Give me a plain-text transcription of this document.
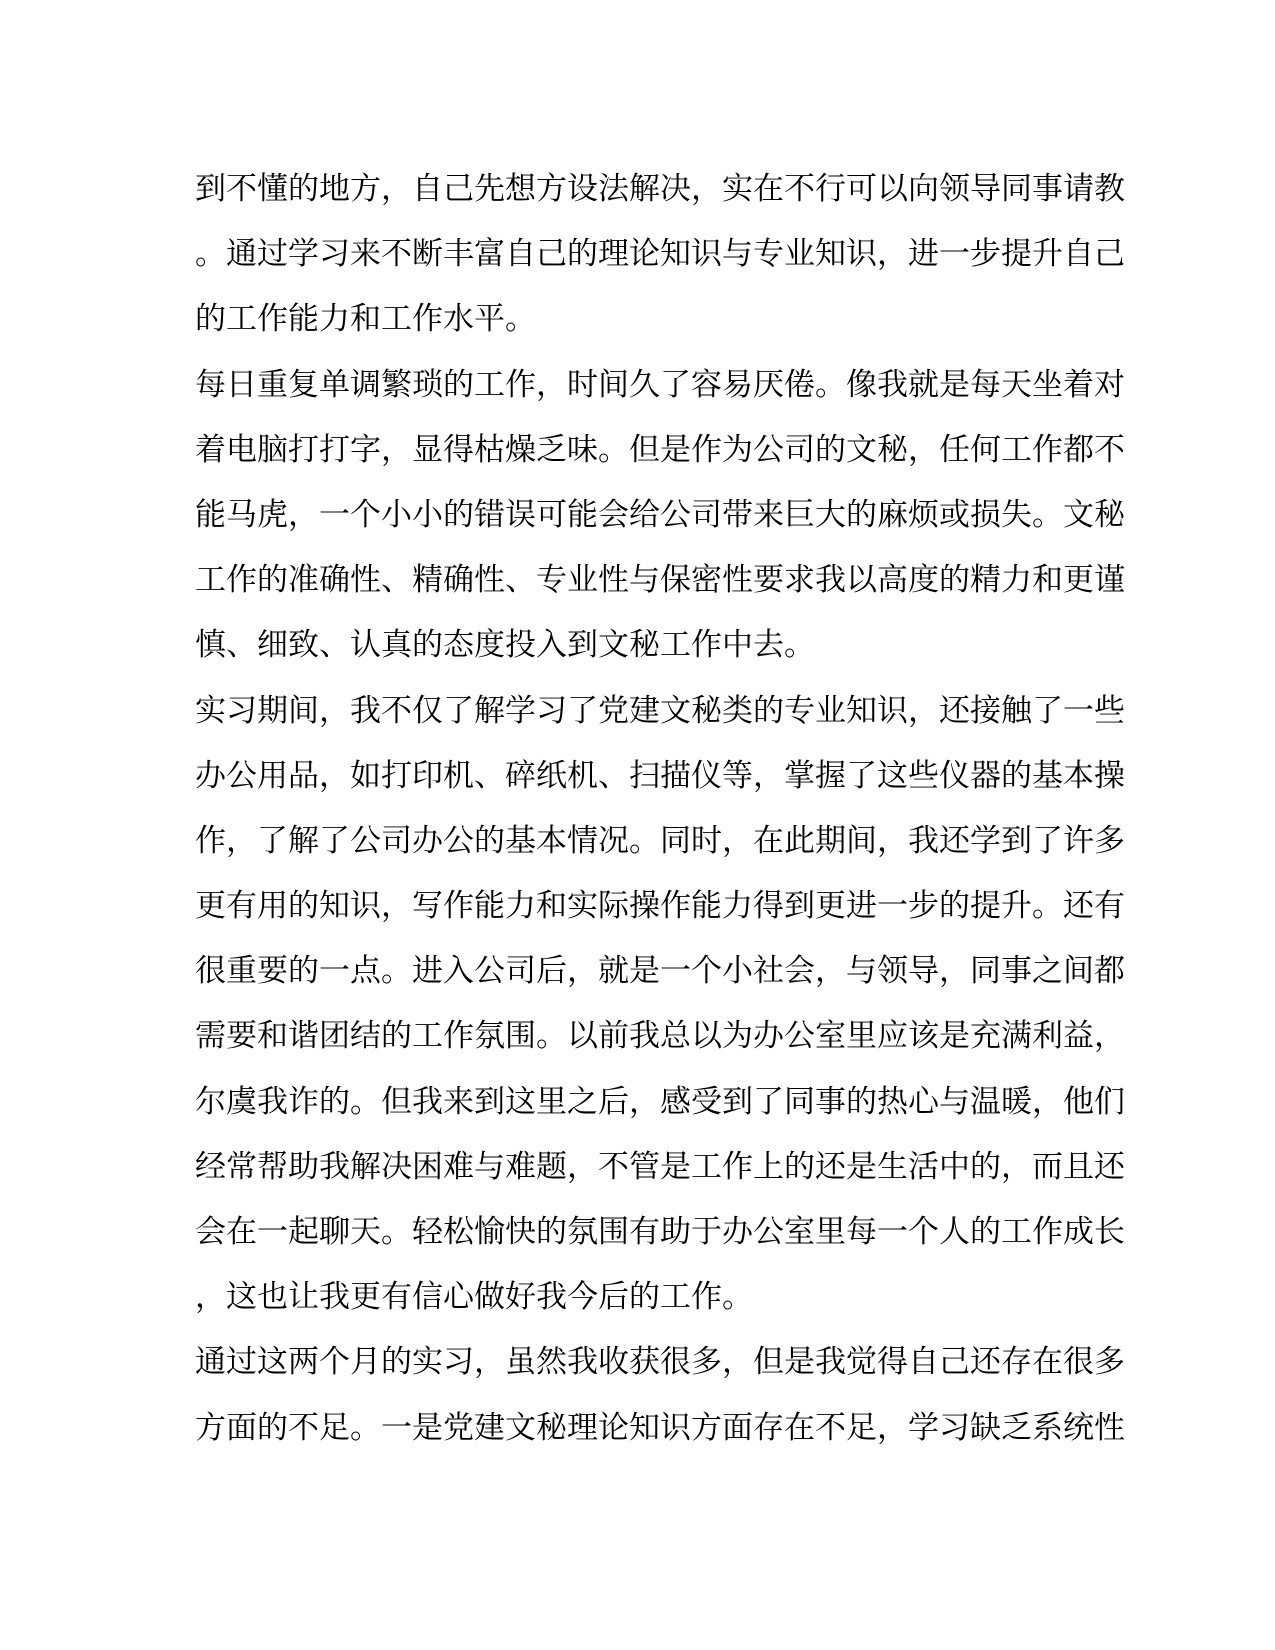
到不懂的地方，自己先想方设法解决，实在不行可以向领导同事请教
。通过学习来不断丰富自己的理论知识与专业知识，进一步提升自己
的工作能力和工作水平。
每日重复单调繁琐的工作，时间久了容易厌倦。像我就是每天坐着对
着电脑打打字，显得枯燥乏味。但是作为公司的文秘，任何工作都不
能马虎，一个小小的错误可能会给公司带来巨大的麻烦或损失。文秘
工作的准确性、精确性、专业性与保密性要求我以高度的精力和更谨
慎、细致、认真的态度投入到文秘工作中去。
实习期间，我不仅了解学习了党建文秘类的专业知识，还接触了一些
办公用品，如打印机、碎纸机、扫描仪等，掌握了这些仪器的基本操
作，了解了公司办公的基本情况。同时，在此期间，我还学到了许多
更有用的知识，写作能力和实际操作能力得到更进一步的提升。还有
很重要的一点。进入公司后，就是一个小社会，与领导，同事之间都
需要和谐团结的工作氛围。以前我总以为办公室里应该是充满利益，
尔虞我诈的。但我来到这里之后，感受到了同事的热心与温暖，他们
经常帮助我解决困难与难题，不管是工作上的还是生活中的，而且还
会在一起聊天。轻松愉快的氛围有助于办公室里每一个人的工作成长
，这也让我更有信心做好我今后的工作。
通过这两个月的实习，虽然我收获很多，但是我觉得自己还存在很多
方面的不足。一是党建文秘理论知识方面存在不足，学习缺乏系统性
